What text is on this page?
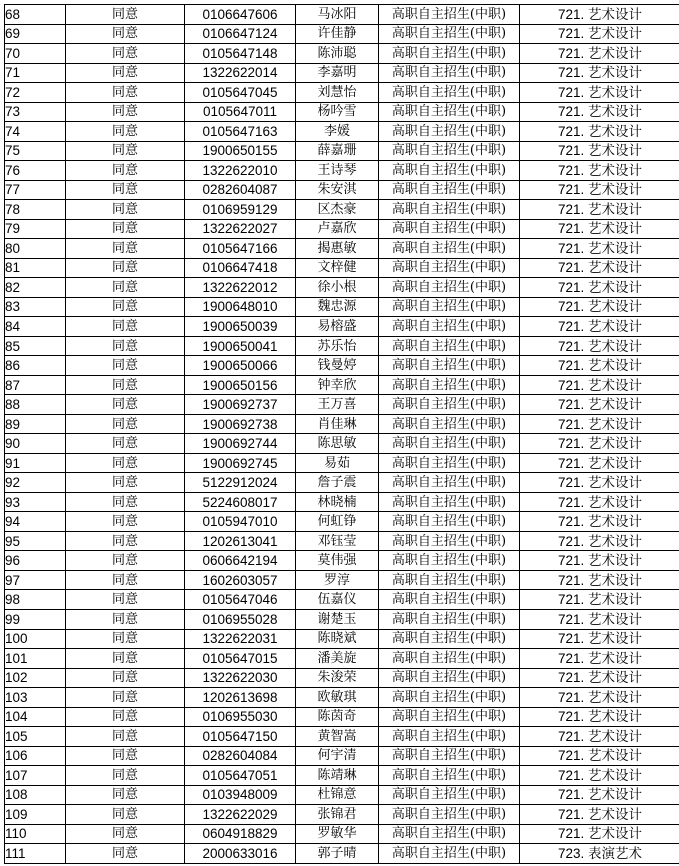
68	同意	0106647606	马冰阳	高职自主招生(中职)	721. 艺术设计
69	同意	0106647124	许佳静	高职自主招生(中职)	721. 艺术设计
70	同意	0105647148	陈沛聪	高职自主招生(中职)	721. 艺术设计
71	同意	1322622014	李嘉明	高职自主招生(中职)	721. 艺术设计
72	同意	0105647045	刘慧怡	高职自主招生(中职)	721. 艺术设计
73	同意	0105647011	杨吟雪	高职自主招生(中职)	721. 艺术设计
74	同意	0105647163	李媛	高职自主招生(中职)	721. 艺术设计
75	同意	1900650155	薛嘉珊	高职自主招生(中职)	721. 艺术设计
76	同意	1322622010	王诗琴	高职自主招生(中职)	721. 艺术设计
77	同意	0282604087	朱安淇	高职自主招生(中职)	721. 艺术设计
78	同意	0106959129	区杰豪	高职自主招生(中职)	721. 艺术设计
79	同意	1322622027	卢嘉欣	高职自主招生(中职)	721. 艺术设计
80	同意	0105647166	揭惠敏	高职自主招生(中职)	721. 艺术设计
81	同意	0106647418	文梓健	高职自主招生(中职)	721. 艺术设计
82	同意	1322622012	徐小根	高职自主招生(中职)	721. 艺术设计
83	同意	1900648010	魏忠源	高职自主招生(中职)	721. 艺术设计
84	同意	1900650039	易榕盛	高职自主招生(中职)	721. 艺术设计
85	同意	1900650041	苏乐怡	高职自主招生(中职)	721. 艺术设计
86	同意	1900650066	钱曼婷	高职自主招生(中职)	721. 艺术设计
87	同意	1900650156	钟幸欣	高职自主招生(中职)	721. 艺术设计
88	同意	1900692737	王万喜	高职自主招生(中职)	721. 艺术设计
89	同意	1900692738	肖佳琳	高职自主招生(中职)	721. 艺术设计
90	同意	1900692744	陈思敏	高职自主招生(中职)	721. 艺术设计
91	同意	1900692745	易茹	高职自主招生(中职)	721. 艺术设计
92	同意	5122912024	詹子震	高职自主招生(中职)	721. 艺术设计
93	同意	5224608017	林晓楠	高职自主招生(中职)	721. 艺术设计
94	同意	0105947010	何虹铮	高职自主招生(中职)	721. 艺术设计
95	同意	1202613041	邓钰莹	高职自主招生(中职)	721. 艺术设计
96	同意	0606642194	莫伟强	高职自主招生(中职)	721. 艺术设计
97	同意	1602603057	罗淳	高职自主招生(中职)	721. 艺术设计
98	同意	0105647046	伍嘉仪	高职自主招生(中职)	721. 艺术设计
99	同意	0106955028	谢楚玉	高职自主招生(中职)	721. 艺术设计
100	同意	1322622031	陈晓斌	高职自主招生(中职)	721. 艺术设计
101	同意	0105647015	潘美旋	高职自主招生(中职)	721. 艺术设计
102	同意	1322622030	朱浚荣	高职自主招生(中职)	721. 艺术设计
103	同意	1202613698	欧敏琪	高职自主招生(中职)	721. 艺术设计
104	同意	0106955030	陈茵奇	高职自主招生(中职)	721. 艺术设计
105	同意	0105647150	黄智嵩	高职自主招生(中职)	721. 艺术设计
106	同意	0282604084	何宇清	高职自主招生(中职)	721. 艺术设计
107	同意	0105647051	陈靖琳	高职自主招生(中职)	721. 艺术设计
108	同意	0103948009	杜锦意	高职自主招生(中职)	721. 艺术设计
109	同意	1322622029	张锦君	高职自主招生(中职)	721. 艺术设计
110	同意	0604918829	罗敏华	高职自主招生(中职)	721. 艺术设计
111	同意	2000633016	郭子晴	高职自主招生(中职)	723. 表演艺术
